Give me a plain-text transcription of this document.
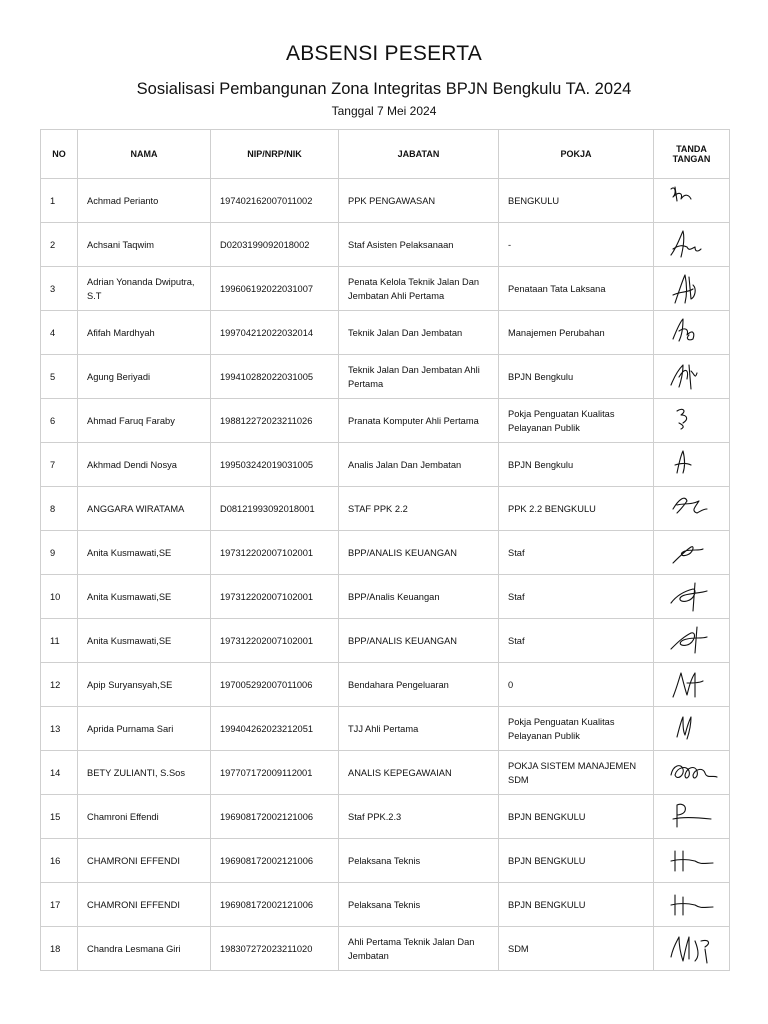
ABSENSI PESERTA
Sosialisasi Pembangunan Zona Integritas BPJN Bengkulu TA. 2024
Tanggal 7 Mei 2024
NO	NAMA	NIP/NRP/NIK	JABATAN	POKJA	TANDA
TANGAN
1	Achmad Perianto	197402162007011002	PPK PENGAWASAN	BENGKULU	

2	Achsani Taqwim	D0203199092018002	Staf Asisten Pelaksanaan	-	

3	Adrian Yonanda Dwiputra, S.T	199606192022031007	Penata Kelola Teknik Jalan Dan Jembatan Ahli Pertama	Penataan Tata Laksana	

4	Afifah Mardhyah	199704212022032014	Teknik Jalan Dan Jembatan	Manajemen Perubahan	

5	Agung Beriyadi	199410282022031005	Teknik Jalan Dan Jembatan Ahli Pertama	BPJN Bengkulu	

6	Ahmad Faruq Faraby	198812272023211026	Pranata Komputer Ahli Pertama	Pokja Penguatan Kualitas Pelayanan Publik	

7	Akhmad Dendi Nosya	199503242019031005	Analis Jalan Dan Jembatan	BPJN Bengkulu	

8	ANGGARA WIRATAMA	D08121993092018001	STAF PPK 2.2	PPK 2.2 BENGKULU	

9	Anita Kusmawati,SE	197312202007102001	BPP/ANALIS KEUANGAN	Staf	

10	Anita Kusmawati,SE	197312202007102001	BPP/Analis Keuangan	Staf	

11	Anita Kusmawati,SE	197312202007102001	BPP/ANALIS KEUANGAN	Staf	

12	Apip Suryansyah,SE	197005292007011006	Bendahara Pengeluaran	0	

13	Aprida Purnama Sari	199404262023212051	TJJ Ahli Pertama	Pokja Penguatan Kualitas Pelayanan Publik	

14	BETY ZULIANTI, S.Sos	197707172009112001	ANALIS KEPEGAWAIAN	POKJA SISTEM MANAJEMEN SDM	

15	Chamroni Effendi	196908172002121006	Staf PPK.2.3	BPJN BENGKULU	

16	CHAMRONI EFFENDI	196908172002121006	Pelaksana Teknis	BPJN BENGKULU	

17	CHAMRONI EFFENDI	196908172002121006	Pelaksana Teknis	BPJN BENGKULU	

18	Chandra Lesmana Giri	198307272023211020	Ahli Pertama Teknik Jalan Dan Jembatan	SDM	
